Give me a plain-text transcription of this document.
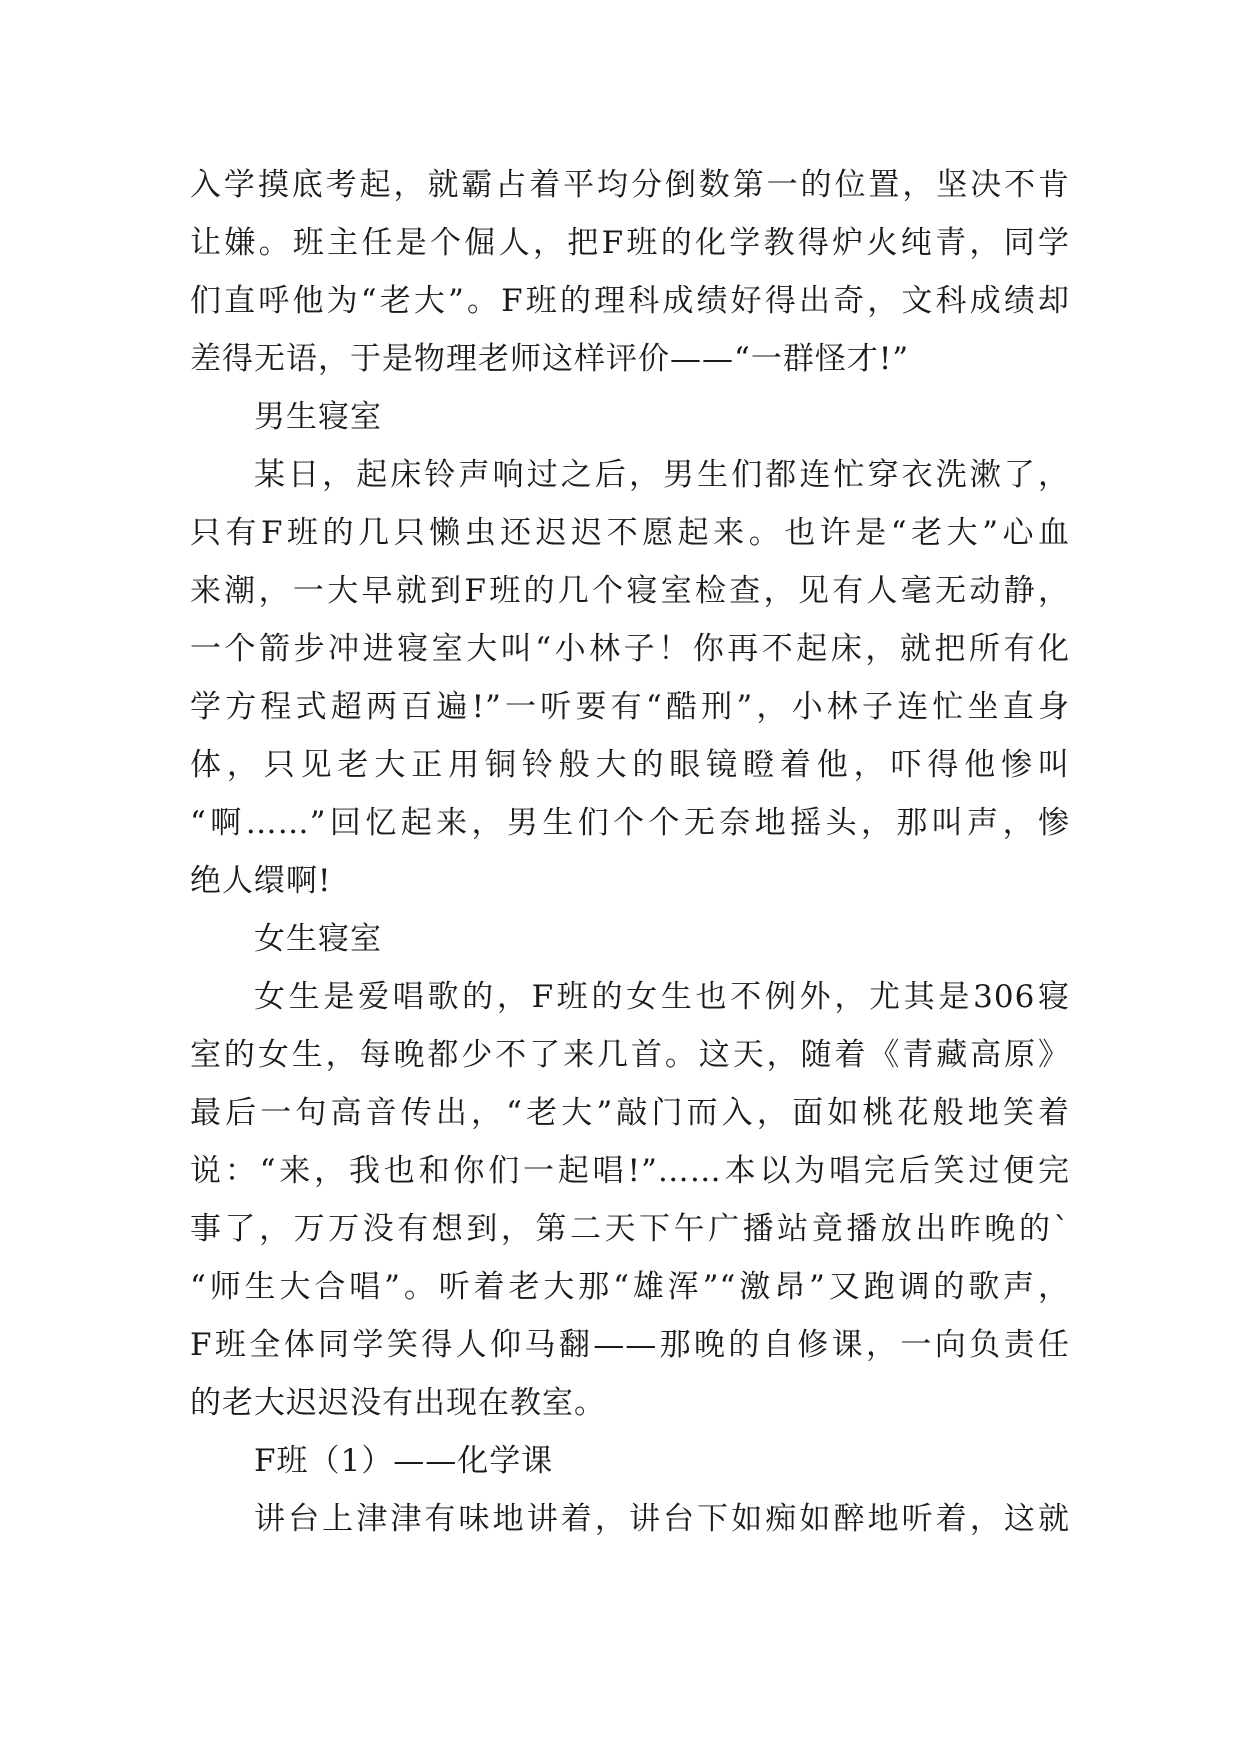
入学摸底考起，就霸占着平均分倒数第一的位置，坚决不肯
让嫌。班主任是个倔人，把F班的化学教得炉火纯青，同学
们直呼他为“老大”。F班的理科成绩好得出奇，文科成绩却
差得无语，于是物理老师这样评价——“一群怪才!”
男生寝室
某日，起床铃声响过之后，男生们都连忙穿衣洗漱了，
只有F班的几只懒虫还迟迟不愿起来。也许是“老大”心血
来潮，一大早就到F班的几个寝室检查，见有人毫无动静，
一个箭步冲进寝室大叫“小林子！你再不起床，就把所有化
学方程式超两百遍!”一听要有“酷刑”，小林子连忙坐直身
体，只见老大正用铜铃般大的眼镜瞪着他，吓得他惨叫
“啊……”回忆起来，男生们个个无奈地摇头，那叫声，惨
绝人缳啊!
女生寝室
女生是爱唱歌的，F班的女生也不例外，尤其是306寝
室的女生，每晚都少不了来几首。这天，随着《青藏高原》
最后一句高音传出，“老大”敲门而入，面如桃花般地笑着
说：“来，我也和你们一起唱!”……本以为唱完后笑过便完
事了，万万没有想到，第二天下午广播站竟播放出昨晚的`
“师生大合唱”。听着老大那“雄浑”“激昂”又跑调的歌声，
F班全体同学笑得人仰马翻——那晚的自修课，一向负责任
的老大迟迟没有出现在教室。
F班（1）——化学课
讲台上津津有味地讲着，讲台下如痴如醉地听着，这就
